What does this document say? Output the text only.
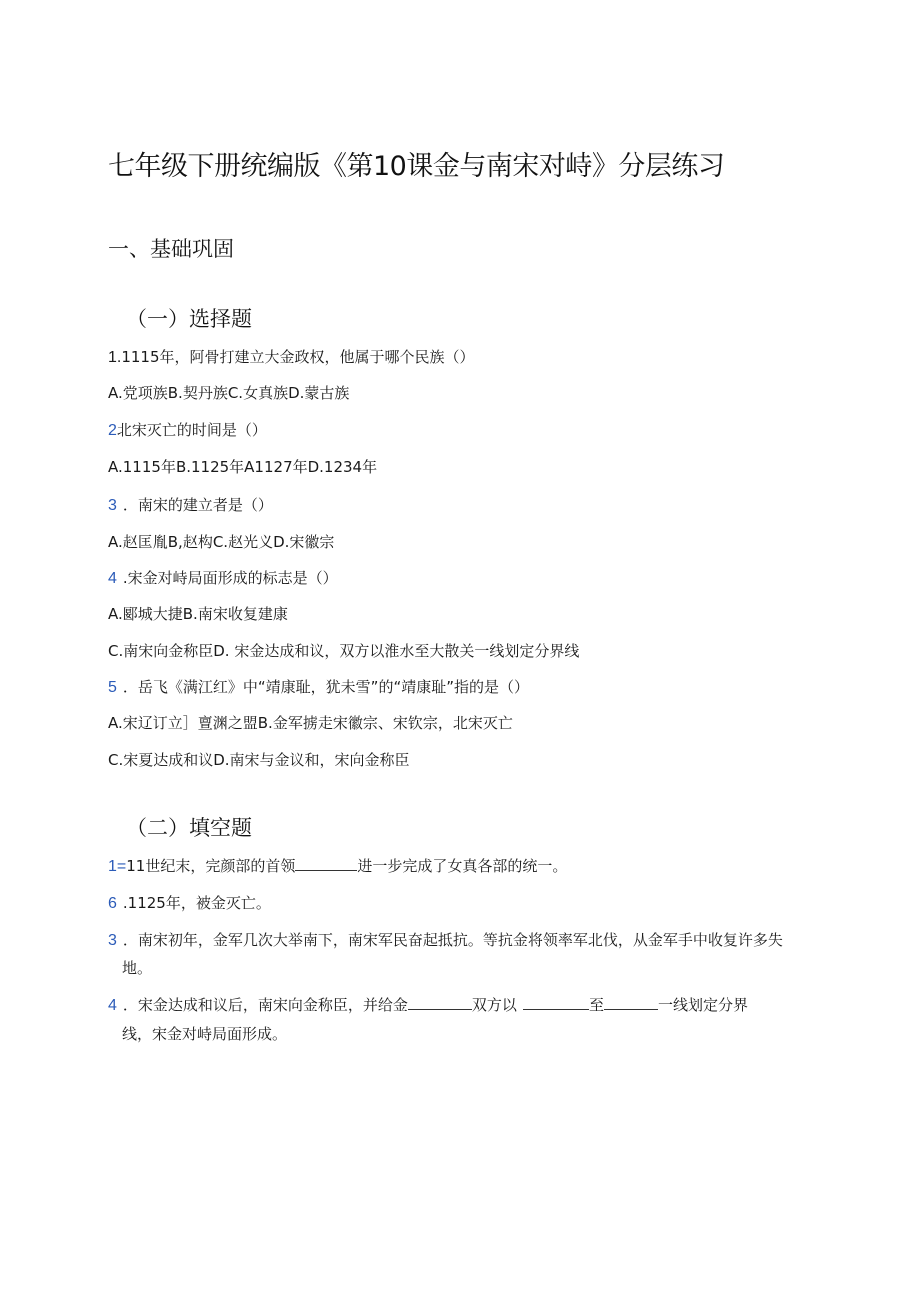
七年级下册统编版《第10课金与南宋对峙》分层练习
一、基础巩固
（一）选择题
1.1115年，阿骨打建立大金政权，他属于哪个民族（）
A.党项族B.契丹族C.女真族D.蒙古族
2北宋灭亡的时间是（）
A.1115年B.1125年A1127年D.1234年
3 ．南宋的建立者是（）
A.赵匡胤B,赵构C.赵光义D.宋徽宗
4 .宋金对峙局面形成的标志是（）
A.郾城大捷B.南宋收复建康
C.南宋向金称臣D. 宋金达成和议，双方以淮水至大散关一线划定分界线
5 ．岳飞《满江红》中“靖康耻，犹未雪”的“靖康耻”指的是（）
A.宋辽订立］亶渊之盟B.金军掳走宋徽宗、宋钦宗，北宋灭亡
C.宋夏达成和议D.南宋与金议和，宋向金称臣
（二）填空题
1=11世纪末，完颜部的首领	进一步完成了女真各部的统一。
6 .1125年，被金灭亡。
3 ．南宋初年，金军几次大举南下，南宋军民奋起抵抗。等抗金将领率军北伐，从金军手中收复许多失
地。
4 ．宋金达成和议后，南宋向金称臣，并给金	双方以	至	一线划定分界
线，宋金对峙局面形成。
